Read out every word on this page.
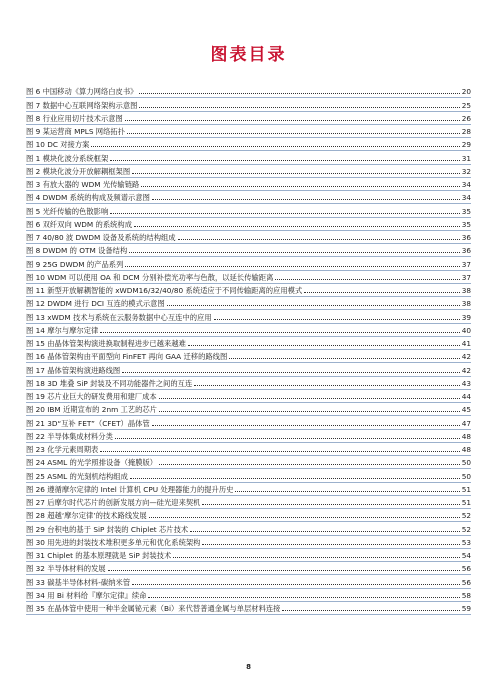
图表目录
图 6 中国移动《算力网络白皮书》	20
图 7 数据中心互联网络架构示意图	25
图 8 行业应用切片技术示意图	26
图 9 某运营商 MPLS 网络拓扑	28
图 10 DC 对接方案	29
图 1 模块化波分系统框架	31
图 2 模块化波分开放解耦框架图	32
图 3 有放大器的 WDM 光传输链路	34
图 4 DWDM 系统的构成及频谱示意图	34
图 5 光纤传输的色散影响	35
图 6 双纤双向 WDM 的系统构成	35
图 7 40/80 波 DWDM 设备及系统的结构组成	36
图 8 DWDM 的 OTM 设备结构	36
图 9 25G DWDM 的产品系列	37
图 10 WDM 可以使用 OA 和 DCM 分别补偿光功率与色散，以延长传输距离	37
图 11 新型开放解耦智能的 xWDM16/32/40/80 系统适应于不同传输距离的应用模式	38
图 12 DWDM 进行 DCI 互连的模式示意图	38
图 13 xWDM 技术与系统在云服务数据中心互连中的应用	39
图 14 摩尔与摩尔定律	40
图 15 由晶体管架构演进换取制程进步已越来越难	41
图 16 晶体管架构由平面型向 FinFET 再向 GAA 迁移的路线图	42
图 17 晶体管架构演进路线图	42
图 18 3D 堆叠 SiP 封装及不同功能器件之间的互连	43
图 19 芯片业巨大的研发费用和建厂成本	44
图 20 IBM 近期宣布的 2nm 工艺的芯片	45
图 21 3D“互补 FET”（CFET）晶体管	47
图 22 半导体集成材料分类	48
图 23 化学元素周期表	48
图 24 ASML 的光学照排设备（掩膜版）	50
图 25 ASML 的光刻机结构组成	50
图 26 遵循摩尔定律的 Intel 计算机 CPU 处理器能力的提升历史	51
图 27 后摩尔时代芯片的创新发展方向—硅光迎来契机	51
图 28 超越‘摩尔定律’的技术路线发展	52
图 29 台积电的基于 SiP 封装的 Chiplet 芯片技术	52
图 30 用先进的封装技术堆积更多单元和优化系统架构	53
图 31 Chiplet 的基本原理就是 SiP 封装技术	54
图 32 半导体材料的发展	56
图 33 碳基半导体材料-碳纳米管	56
图 34 用 Bi 材料给『摩尔定律』续命	58
图 35 在晶体管中使用一种半金属铋元素（Bi）来代替普通金属与单层材料连接	59
8
